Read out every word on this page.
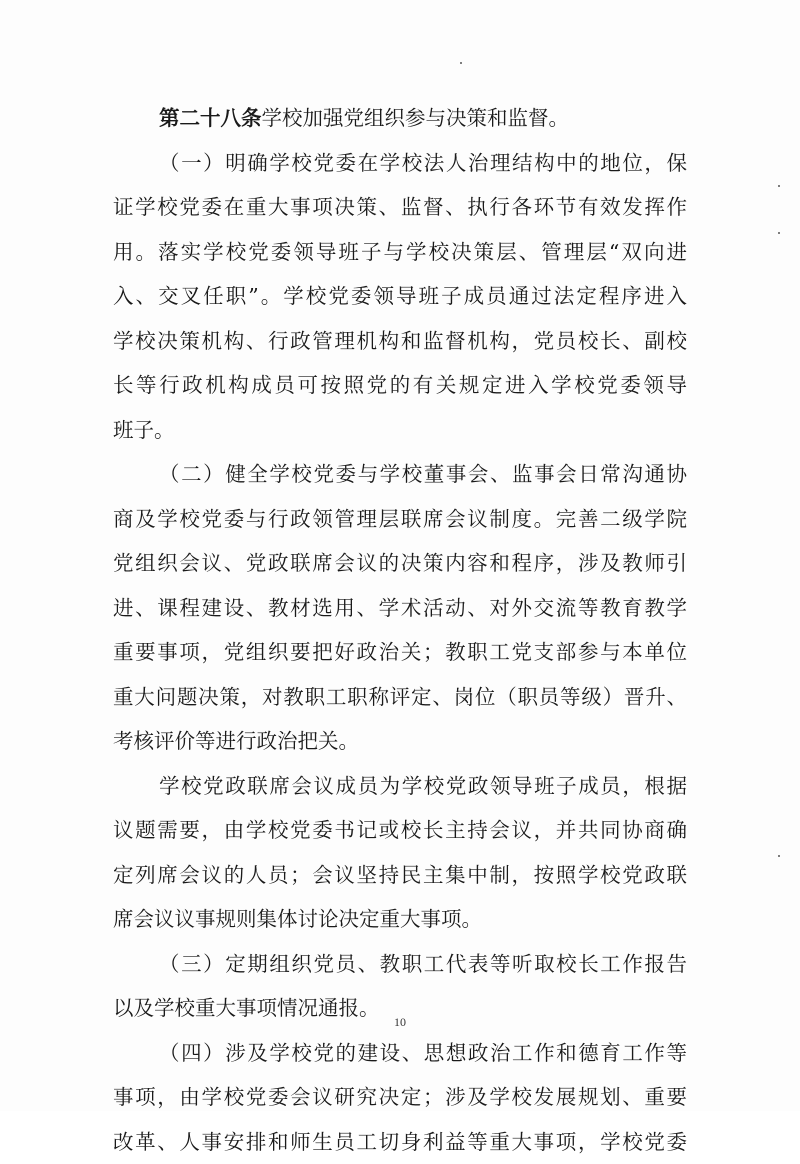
第二十八条学校加强党组织参与决策和监督。
（一）明确学校党委在学校法人治理结构中的地位，保
证学校党委在重大事项决策、监督、执行各环节有效发挥作
用。落实学校党委领导班子与学校决策层、管理层“双向进
入、交叉任职”。学校党委领导班子成员通过法定程序进入
学校决策机构、行政管理机构和监督机构，党员校长、副校
长等行政机构成员可按照党的有关规定进入学校党委领导
班子。
（二）健全学校党委与学校董事会、监事会日常沟通协
商及学校党委与行政领管理层联席会议制度。完善二级学院
党组织会议、党政联席会议的决策内容和程序，涉及教师引
进、课程建设、教材选用、学术活动、对外交流等教育教学
重要事项，党组织要把好政治关；教职工党支部参与本单位
重大问题决策，对教职工职称评定、岗位（职员等级）晋升、
考核评价等进行政治把关。
学校党政联席会议成员为学校党政领导班子成员，根据
议题需要，由学校党委书记或校长主持会议，并共同协商确
定列席会议的人员；会议坚持民主集中制，按照学校党政联
席会议议事规则集体讨论决定重大事项。
（三）定期组织党员、教职工代表等听取校长工作报告
以及学校重大事项情况通报。
（四）涉及学校党的建设、思想政治工作和德育工作等
事项，由学校党委会议研究决定；涉及学校发展规划、重要
改革、人事安排和师生员工切身利益等重大事项，学校党委
10
